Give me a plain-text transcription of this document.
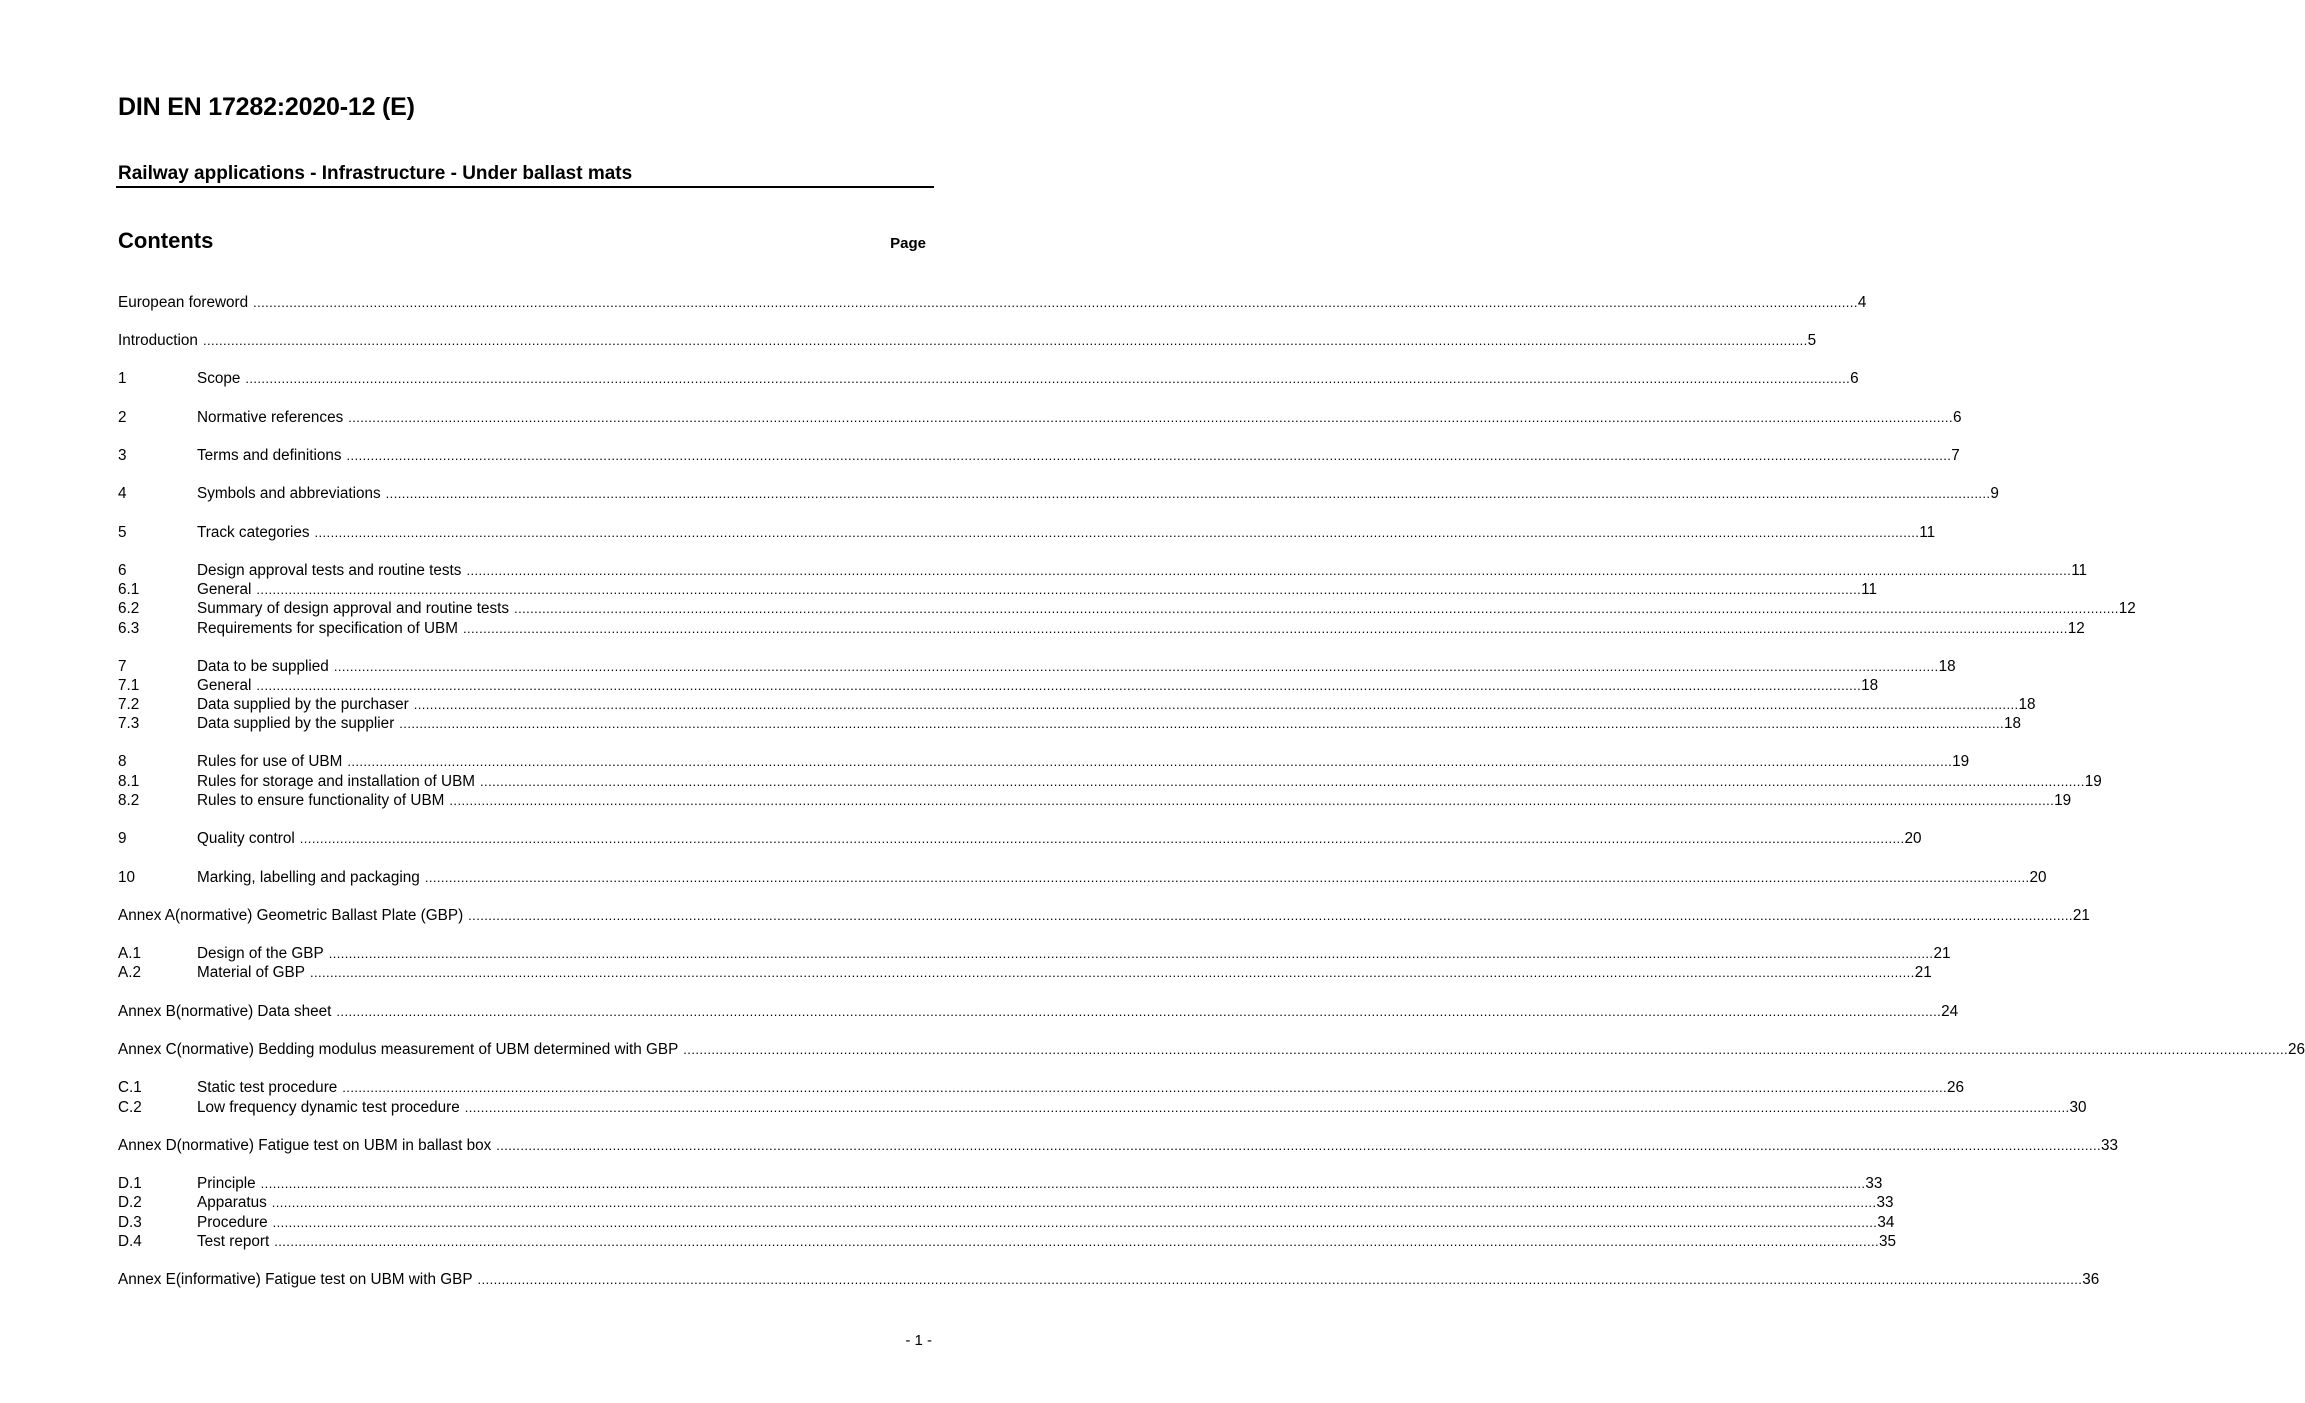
DIN EN 17282:2020-12 (E)
Railway applications - Infrastructure - Under ballast mats
Contents	Page
European foreword ................................................................................................................................................................................................................................................................................................................................................................................................................ 4
Introduction ................................................................................................................................................................................................................................................................................................................................................................................................................ 5
1	Scope ................................................................................................................................................................................................................................................................................................................................................................................................................ 6
2	Normative references ................................................................................................................................................................................................................................................................................................................................................................................................................ 6
3	Terms and definitions ................................................................................................................................................................................................................................................................................................................................................................................................................ 7
4	Symbols and abbreviations ................................................................................................................................................................................................................................................................................................................................................................................................................ 9
5	Track categories ................................................................................................................................................................................................................................................................................................................................................................................................................ 11
6	Design approval tests and routine tests ................................................................................................................................................................................................................................................................................................................................................................................................................ 11
6.1	General ................................................................................................................................................................................................................................................................................................................................................................................................................ 11
6.2	Summary of design approval and routine tests ................................................................................................................................................................................................................................................................................................................................................................................................................ 12
6.3	Requirements for specification of UBM ................................................................................................................................................................................................................................................................................................................................................................................................................ 12
7	Data to be supplied ................................................................................................................................................................................................................................................................................................................................................................................................................ 18
7.1	General ................................................................................................................................................................................................................................................................................................................................................................................................................ 18
7.2	Data supplied by the purchaser ................................................................................................................................................................................................................................................................................................................................................................................................................ 18
7.3	Data supplied by the supplier ................................................................................................................................................................................................................................................................................................................................................................................................................ 18
8	Rules for use of UBM ................................................................................................................................................................................................................................................................................................................................................................................................................ 19
8.1	Rules for storage and installation of UBM ................................................................................................................................................................................................................................................................................................................................................................................................................ 19
8.2	Rules to ensure functionality of UBM ................................................................................................................................................................................................................................................................................................................................................................................................................ 19
9	Quality control ................................................................................................................................................................................................................................................................................................................................................................................................................ 20
10	Marking, labelling and packaging ................................................................................................................................................................................................................................................................................................................................................................................................................ 20
Annex A(normative) Geometric Ballast Plate (GBP) ................................................................................................................................................................................................................................................................................................................................................................................................................ 21
A.1	Design of the GBP ................................................................................................................................................................................................................................................................................................................................................................................................................ 21
A.2	Material of GBP ................................................................................................................................................................................................................................................................................................................................................................................................................ 21
Annex B(normative) Data sheet ................................................................................................................................................................................................................................................................................................................................................................................................................ 24
Annex C(normative) Bedding modulus measurement of UBM determined with GBP ................................................................................................................................................................................................................................................................................................................................................................................................................ 26
C.1	Static test procedure ................................................................................................................................................................................................................................................................................................................................................................................................................ 26
C.2	Low frequency dynamic test procedure ................................................................................................................................................................................................................................................................................................................................................................................................................ 30
Annex D(normative) Fatigue test on UBM in ballast box ................................................................................................................................................................................................................................................................................................................................................................................................................ 33
D.1	Principle ................................................................................................................................................................................................................................................................................................................................................................................................................ 33
D.2	Apparatus ................................................................................................................................................................................................................................................................................................................................................................................................................ 33
D.3	Procedure ................................................................................................................................................................................................................................................................................................................................................................................................................ 34
D.4	Test report ................................................................................................................................................................................................................................................................................................................................................................................................................ 35
Annex E(informative) Fatigue test on UBM with GBP ................................................................................................................................................................................................................................................................................................................................................................................................................ 36
- 1 -
